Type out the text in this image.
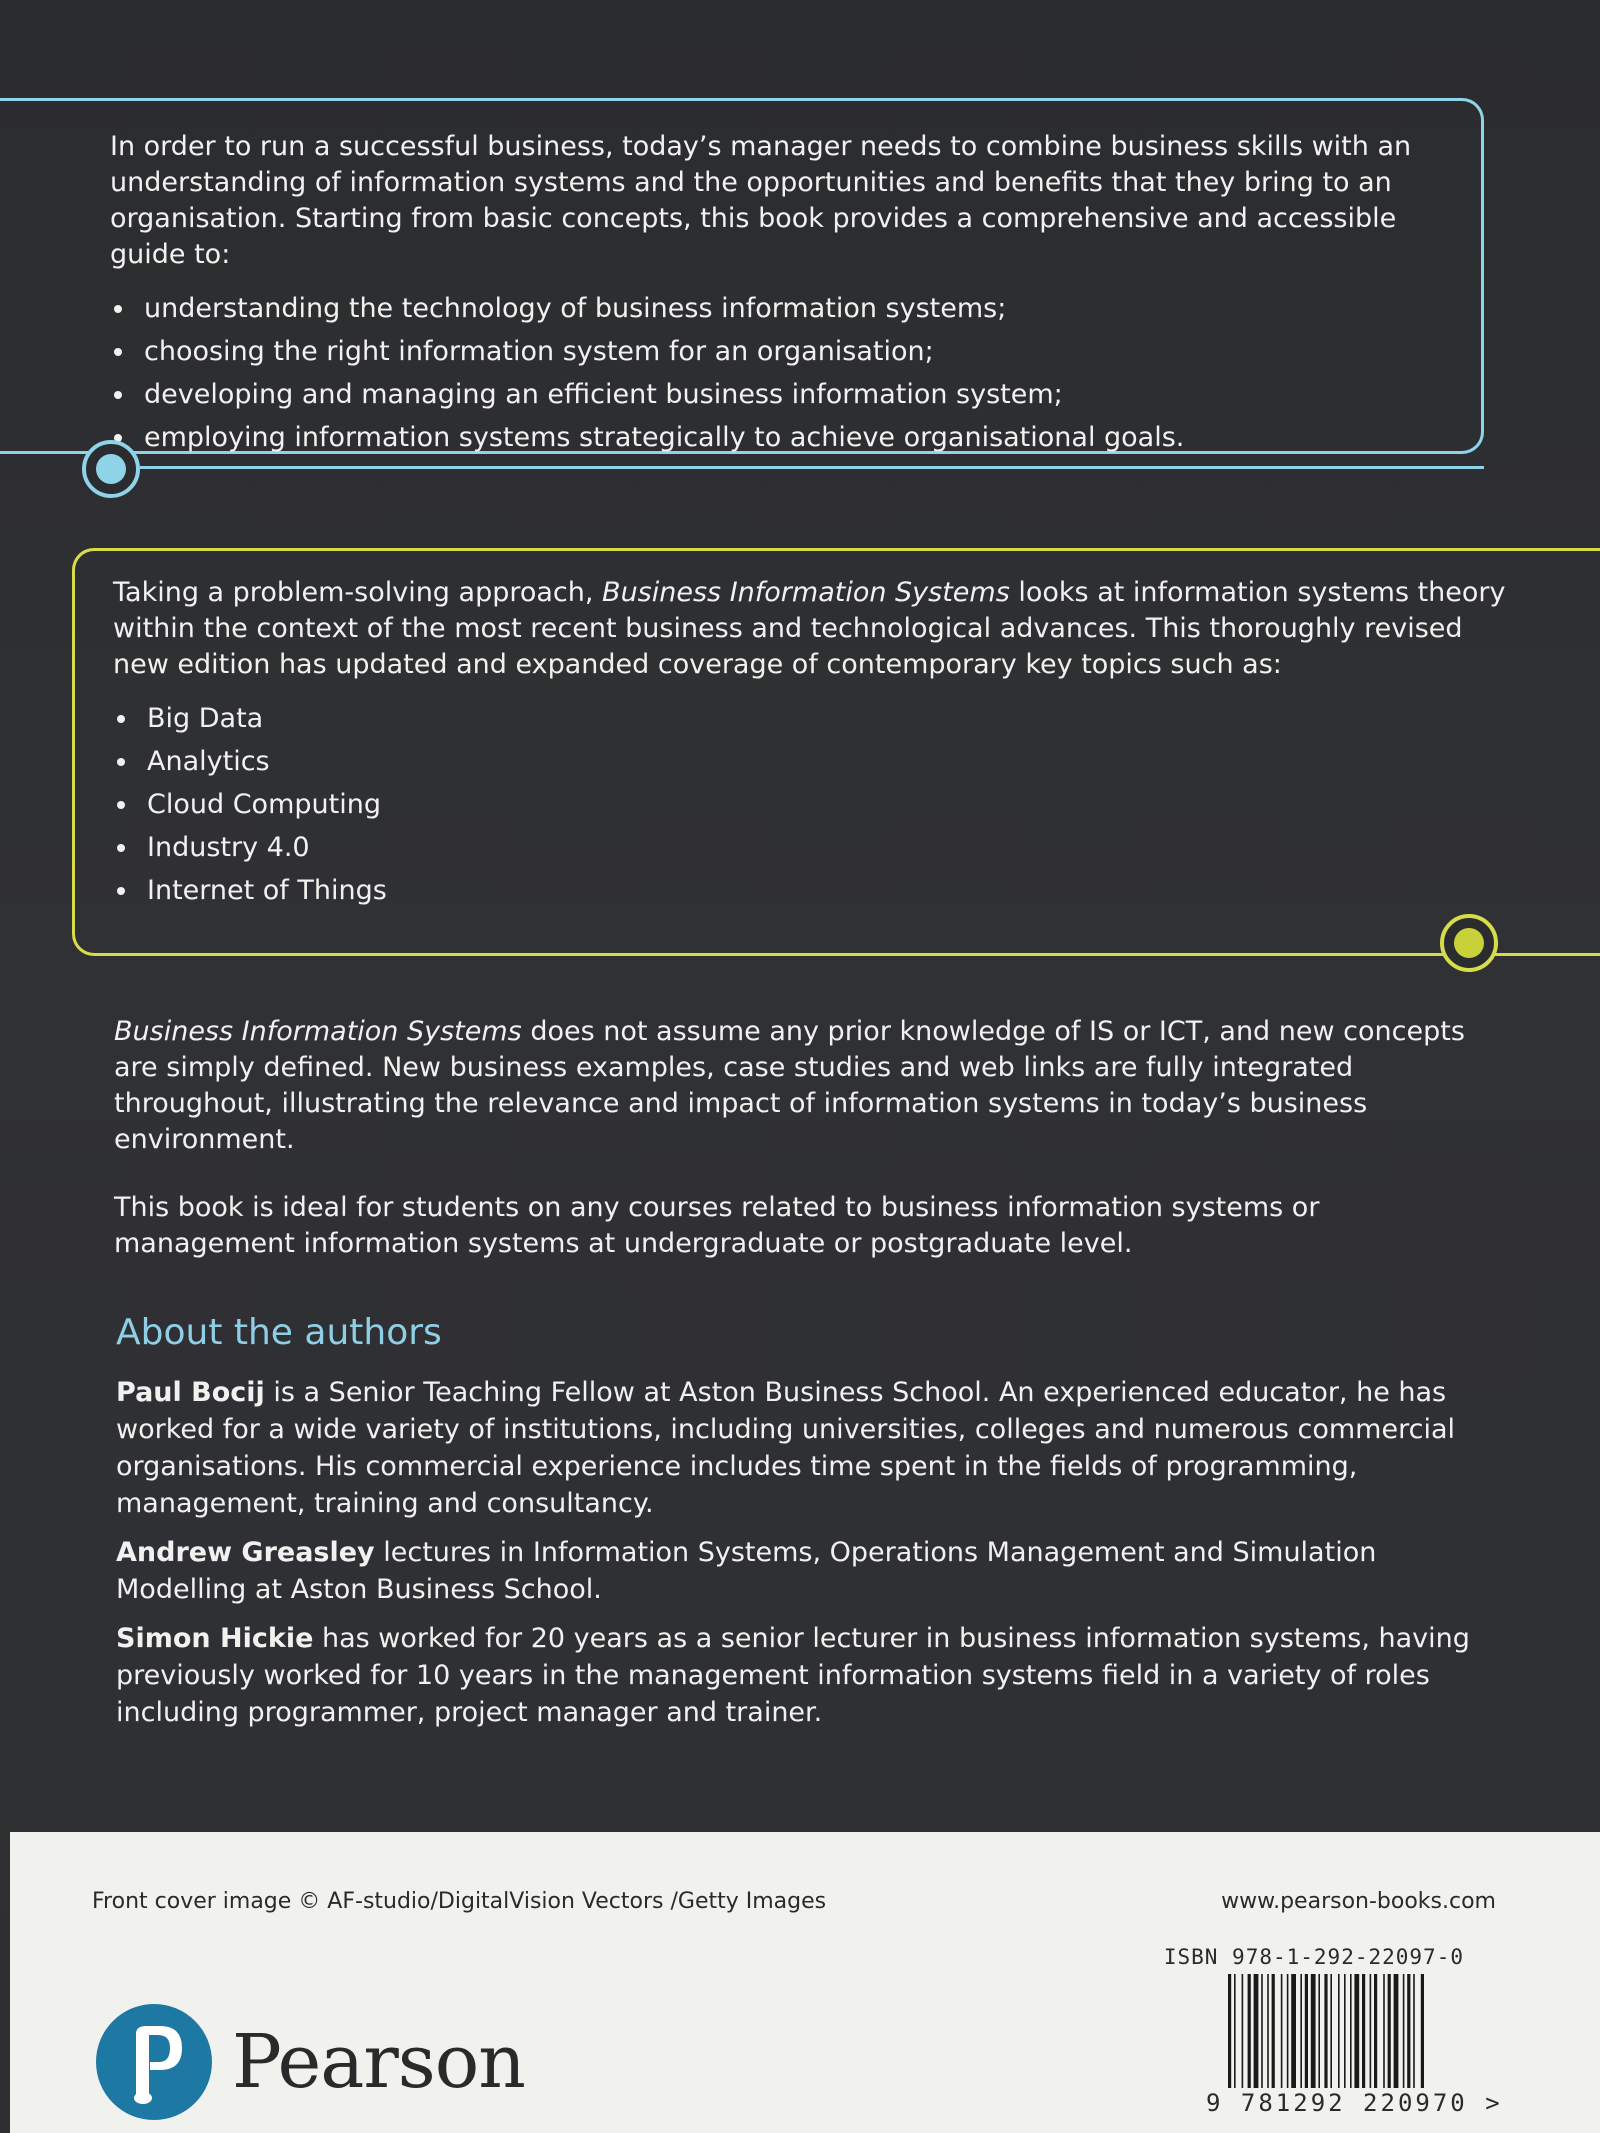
In order to run a successful business, today’s manager needs to combine business skills with an understanding of information systems and the opportunities and benefits that they bring to an organisation. Starting from basic concepts, this book provides a comprehensive and accessible guide to:

understanding the technology of business information systems;
choosing the right information system for an organisation;
developing and managing an efficient business information system;
employing information systems strategically to achieve organisational goals.

Taking a problem-solving approach, Business Information Systems looks at information systems theory within the context of the most recent business and technological advances. This thoroughly revised new edition has updated and expanded coverage of contemporary key topics such as:

Big Data
Analytics
Cloud Computing
Industry 4.0
Internet of Things

Business Information Systems does not assume any prior knowledge of IS or ICT, and new concepts are simply defined. New business examples, case studies and web links are fully integrated throughout, illustrating the relevance and impact of information systems in today’s business environment.

This book is ideal for students on any courses related to business information systems or management information systems at undergraduate or postgraduate level.

About the authors

Paul Bocij is a Senior Teaching Fellow at Aston Business School. An experienced educator, he has worked for a wide variety of institutions, including universities, colleges and numerous commercial organisations. His commercial experience includes time spent in the fields of programming, management, training and consultancy.

Andrew Greasley lectures in Information Systems, Operations Management and Simulation Modelling at Aston Business School.

Simon Hickie has worked for 20 years as a senior lecturer in business information systems, having previously worked for 10 years in the management information systems field in a variety of roles including programmer, project manager and trainer.

Front cover image © AF-studio/DigitalVision Vectors /Getty Images	www.pearson-books.com
ISBN 978-1-292-22097-0
9 781292 220970 >
Pearson
